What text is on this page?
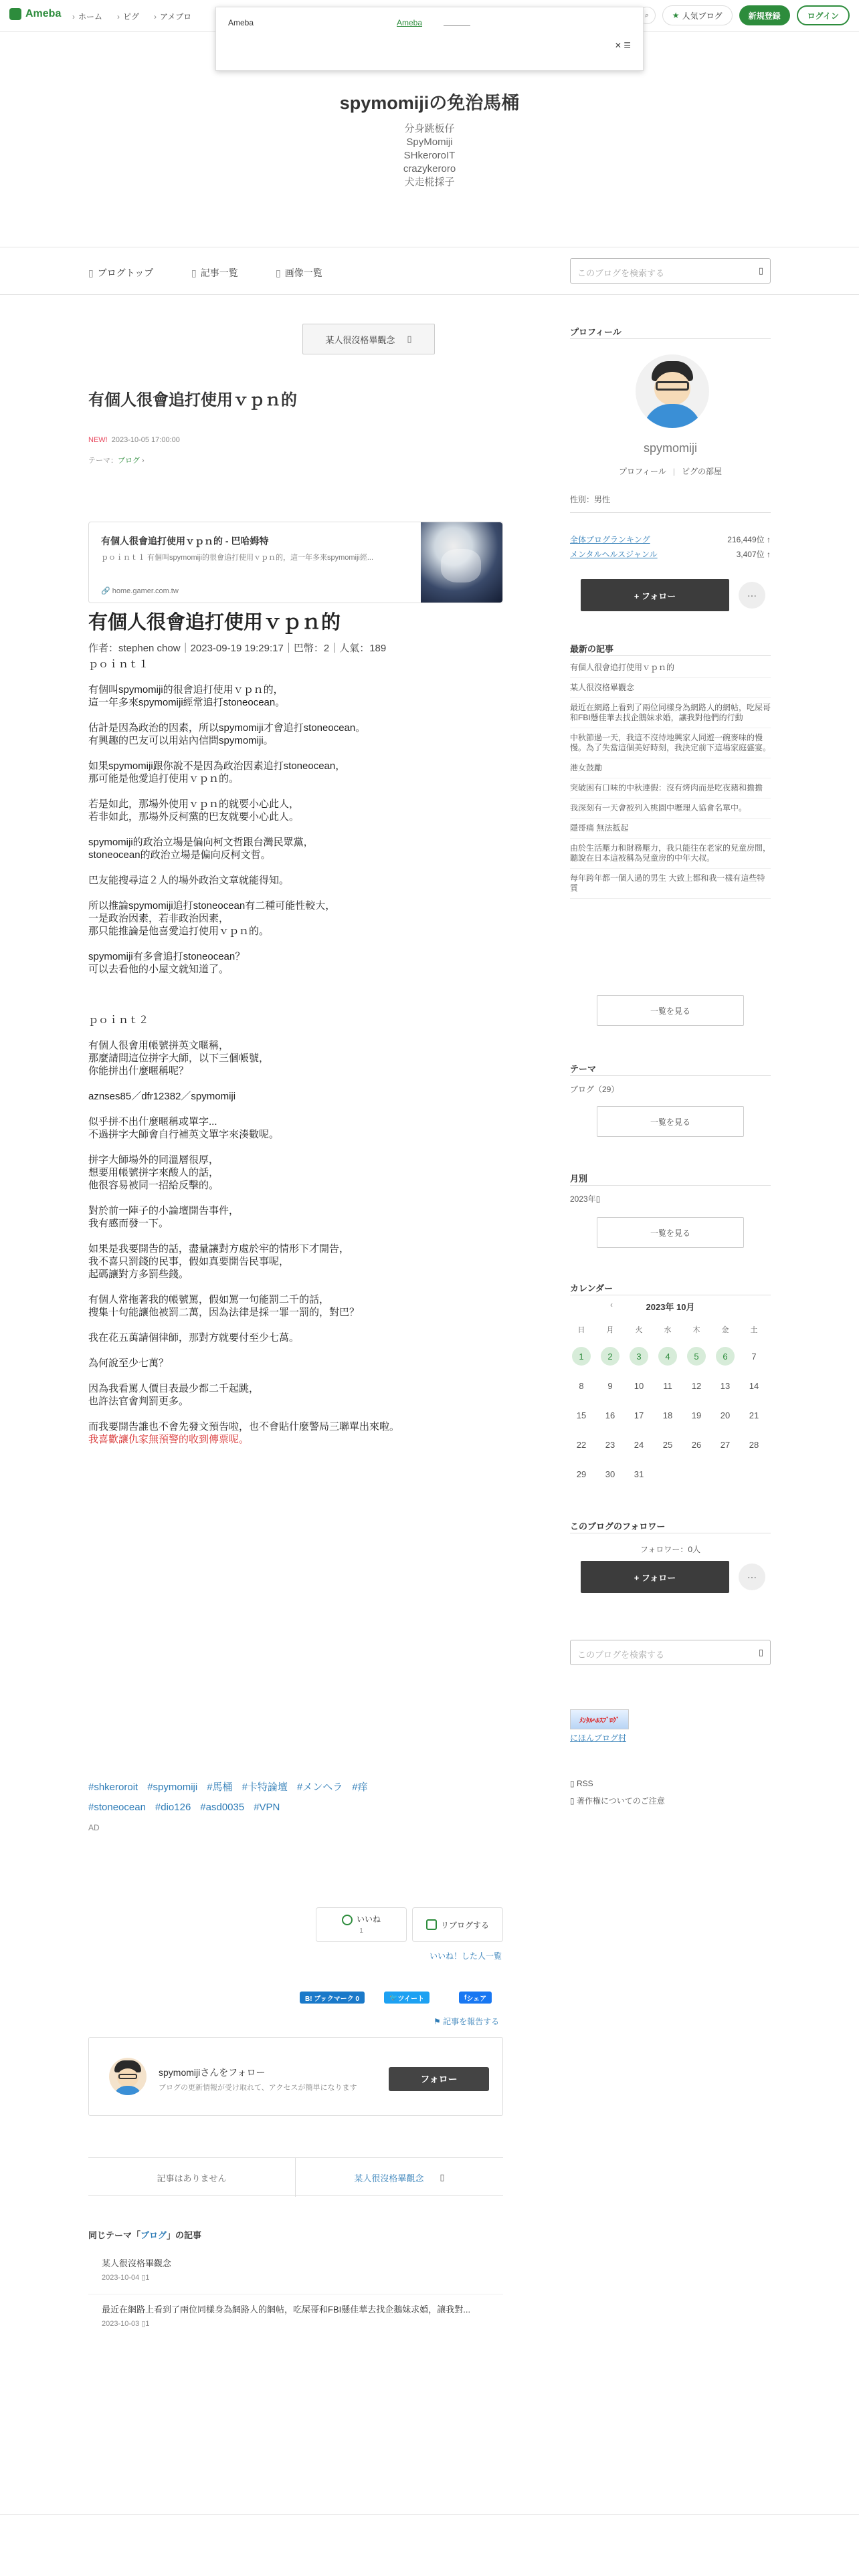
Ameba	› ホーム	› ピグ	› アメブロ	⌕	★ 人気ブログ	新規登録	ログイン
Ameba	Ameba
✕ ☰
spymomijiの免治馬桶
分身跳板仔
SpyMomiji
SHkeroroIT
crazykeroro
犬走椛採子
▯ ブログトップ	▯ 記事一覧	▯ 画像一覧	このブログを検索する	▯
某人很沒格畢觀念 ▯
有個人很會追打使用ｖｐｎ的
NEW! 2023-10-05 17:00:00
テーマ：ブログ ›
有個人很會追打使用ｖｐｎ的 - 巴哈姆特
ｐｏｉｎｔ１ 有個叫spymomiji的很會追打使用ｖｐｎ的，這一年多來spymomiji經...
🔗 home.gamer.com.tw
有個人很會追打使用ｖｐｎ的
作者：stephen chow｜2023-09-19 19:29:17｜巴幣：2｜人氣：189
ｐｏｉｎｔ１

有個叫spymomiji的很會追打使用ｖｐｎ的，
這一年多來spymomiji經常追打stoneocean。

估計是因為政治的因素，所以spymomiji才會追打stoneocean。
有興趣的巴友可以用站內信問spymomiji。

如果spymomiji跟你說不是因為政治因素追打stoneocean，
那可能是他愛追打使用ｖｐｎ的。

若是如此，那場外使用ｖｐｎ的就要小心此人，
若非如此，那場外反柯黨的巴友就要小心此人。

spymomiji的政治立場是偏向柯文哲跟台灣民眾黨，
stoneocean的政治立場是偏向反柯文哲。

巴友能搜尋這２人的場外政治文章就能得知。

所以推論spymomiji追打stoneocean有二種可能性較大，
一是政治因素，若非政治因素，
那只能推論是他喜愛追打使用ｖｐｎ的。

spymomiji有多會追打stoneocean？
可以去看他的小屋文就知道了。

ｐｏｉｎｔ２

有個人很會用帳號拼英文暱稱，
那麼請問這位拼字大師，以下三個帳號，
你能​拼出什麼暱稱呢？

aznses85／dfr12382／spymomiji

似乎拼不出什麼暱稱或單字...
不過拼字大師會自行補英文單字來湊數呢。

拼字大師場外的同溫層很厚，
想要用帳號拼字來酸人的話，
他很容易被同一招給反擊的。

對於前一陣子的小論壇開告事件，
我有感而發一下。

如果是我要開告的話，盡量讓對方處於牢的情形下才開告，
我不喜只罰錢的民事，假如真要開告民事呢，
起碼讓對方多罰些錢。

有個人常拖著我的帳號罵，假如罵一句能罰二千的話，
搜集十句能讓他被罰二萬，因為法律是採一罪一罰的，對巴？

我在花五萬請個律師，那對方就要付至少七萬。

為何說至少七萬？

因為我看罵人價目表最少都二千起跳，
也許法官會判罰更多。

而我要開告誰也不會先發文預告啦，也不會貼什麼警局三聯單出來啦。
我喜歡讓仇家無預警的收到傳票呢。
#shkeroroit #spymomiji #馬桶 #卡特論壇 #メンヘラ #痒
#stoneocean #dio126 #asd0035 #VPN
AD
いいね
1
リブログする
いいね！した人一覧
B! ブックマーク 0	🐦 ツイート	f シェア
⚑ 記事を報告する
spymomijiさんをフォロー
ブログの更新情報が受け取れて、アクセスが簡単になります
フォロー
記事はありません	某人很沒格畢觀念 ▯
同じテーマ「ブログ」の記事
某人很沒格畢觀念
2023-10-04 ▯1
最近在網路上看到了兩位同樣身為網路人的網帖，吃屎哥和FBI懸佳華去找企鵝妹求婚，讓我對...
2023-10-03 ▯1
プロフィール
spymomiji
プロフィール | ピグの部屋
性別：男性
全体ブログランキング	216,449位 ↑
メンタルヘルスジャンル	3,407位 ↑
+ フォロー	···
最新の記事
有個人很會追打使用ｖｐｎ的
某人很沒格畢觀念
最近在網路上看到了兩位同樣身為網路人的網帖，吃屎哥和FBI懸佳華去找企鵝妹求婚，讓我對他們的行動
中秋節過一天，我這不沒待地興家人同遊一碗麥味的慢慢。為了失當這個美好時刻，我決定前下這場家庭盛宴。
港女鼓勵
突破困有口味的中秋連假：沒有烤肉而是吃夜豬和擔擔
我深刻有一天會被列入桃園中壢理人協會名單中。
隱哥痛 無法抵起
由於生活壓力和財務壓力，我只能往在老家的兒童房間，聽說在日本這被稱為兒童房的中年大叔。
每年跨年都一個人過的男生 大致上都和我一樣有這些特質
一覧を見る
テーマ
ブログ（29）
一覧を見る
月別
2023年▯
一覧を見る
カレンダー
2023年 10月
‹
日	月	火	水	木	金	土
1	2	3	4	5	6	7
8	9	10	11	12	13	14
15	16	17	18	19	20	21
22	23	24	25	26	27	28
29	30	31
このブログのフォロワー
フォロワー：0人
+ フォロー	···
このブログを検索する	▯
ﾒﾝﾀﾙﾍﾙｽﾌﾞﾛｸﾞ
にほんブログ村
▯ RSS
▯ 著作権についてのご注意
